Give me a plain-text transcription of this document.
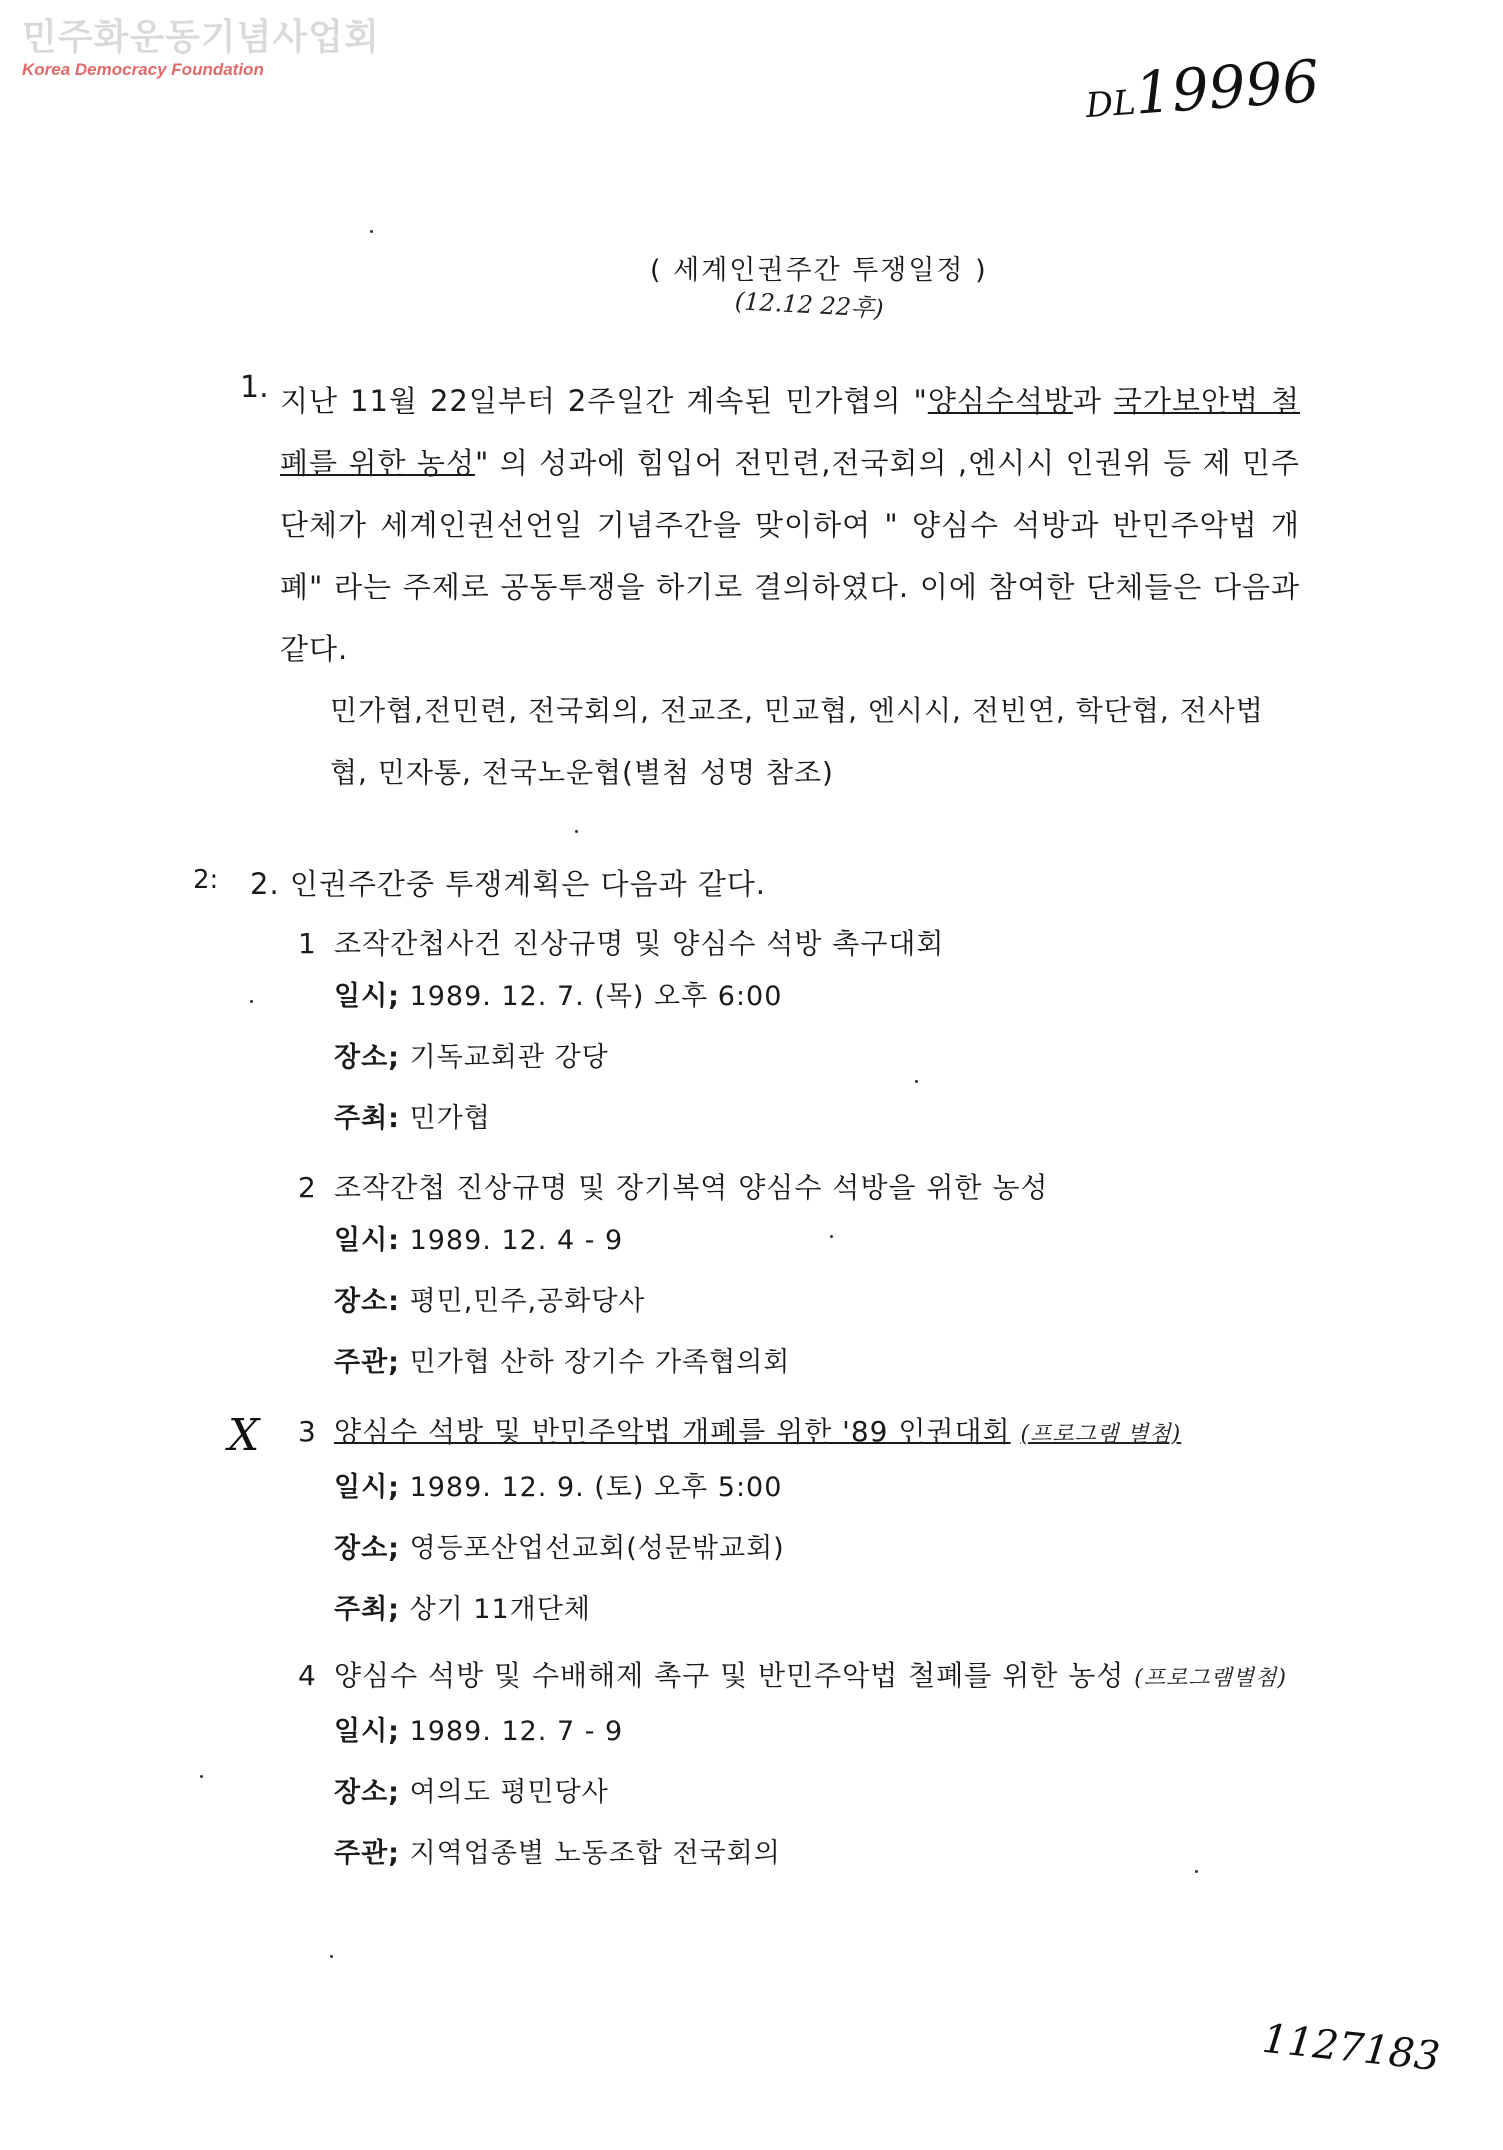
민주화운동기념사업회
Korea Democracy Foundation
DL19996
( 세계인권주간 투쟁일정 )
(12.12 22후)
1. 지난 11월 22일부터 2주일간 계속된 민가협의 "양심수석방과 국가보안법 철폐를 위한 농성" 의 성과에 힘입어 전민련,전국회의 ,엔시시 인권위 등 제 민주단체가 세계인권선언일 기념주간을 맞이하여 " 양심수 석방과 반민주악법 개폐" 라는 주제로 공동투쟁을 하기로 결의하였다. 이에 참여한 단체들은 다음과 같다.
민가협,전민련, 전국회의, 전교조, 민교협, 엔시시, 전빈연, 학단협, 전사법
협, 민자통, 전국노운협(별첨 성명 참조)
2: 2. 인권주간중 투쟁계획은 다음과 같다.
1 조작간첩사건 진상규명 및 양심수 석방 촉구대회
일시; 1989. 12. 7. (목) 오후 6:00
장소; 기독교회관 강당
주최: 민가협
2 조작간첩 진상규명 및 장기복역 양심수 석방을 위한 농성
일시: 1989. 12. 4 - 9
장소: 평민,민주,공화당사
주관; 민가협 산하 장기수 가족협의회
3 양심수 석방 및 반민주악법 개폐를 위한 '89 인권대회 (프로그램 별첨)
일시; 1989. 12. 9. (토) 오후 5:00
장소; 영등포산업선교회(성문밖교회)
주최; 상기 11개단체
4 양심수 석방 및 수배해제 촉구 및 반민주악법 철폐를 위한 농성 (프로그램별첨)
일시; 1989. 12. 7 - 9
장소; 여의도 평민당사
주관; 지역업종별 노동조합 전국회의
X
1127183
